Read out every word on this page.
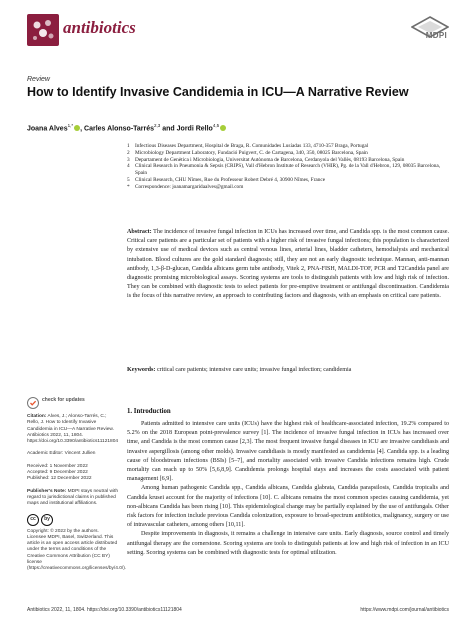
antibiotics	MDPI
Review
How to Identify Invasive Candidemia in ICU—A Narrative Review
Joana Alves$^{1,*}$ , Carles Alonso-Tarrés$^{2,3}$ and Jordi Rello$^{4,5}$
1	Infectious Diseases Department, Hospital de Braga, R. Comunidades Lusíadas 133, 4710-357 Braga, Portugal
2	Microbiology Department Laboratory, Fundació Puigvert, C. de Cartagena, 340, 350, 08025 Barcelona, Spain
3	Departament de Genètica i Microbiologia, Universitat Autònoma de Barcelona, Cerdanyola del Vallès, 08193 Barcelona, Spain
4	Clinical Research in Pneumonia & Sepsis (CRIPS), Vall d'Hebron Institute of Research (VHIR), Pg. de la Vall d'Hebron, 129, 08035 Barcelona, Spain
5	Clinical Research, CHU Nîmes, Rue du Professeur Robert Debré 4, 30900 Nîmes, France
*	Correspondence: joanamargaridaalves@gmail.com
Abstract: The incidence of invasive fungal infection in ICUs has increased over time, and Candida spp. is the most common cause. Critical care patients are a particular set of patients with a higher risk of invasive fungal infections; this population is characterized by extensive use of medical devices such as central venous lines, arterial lines, bladder catheters, hemodialysis and mechanical intubation. Blood cultures are the gold standard diagnosis; still, they are not an early diagnostic technique. Mannan, anti-mannan antibody, 1,3-β-D-glucan, Candida albicans germ tube antibody, Vitek 2, PNA-FISH, MALDI-TOF, PCR and T2Candida panel are diagnostic promising microbiological assays. Scoring systems are tools to distinguish patients with low and high risk of infection. They can be combined with diagnostic tests to select patients for pre-emptive treatment or antifungal discontinuation. Candidemia is the focus of this narrative review, an approach to contributing factors and diagnosis, with an emphasis on critical care patients.
Keywords: critical care patients; intensive care units; invasive fungal infection; candidemia
check for updates
Citation: Alves, J.; Alonso-Tarrés, C.; Rello, J. How to Identify Invasive Candidemia in ICU—A Narrative Review. Antibiotics 2022, 11, 1804. https://doi.org/10.3390/antibiotics11121804
Academic Editor: Vincent Jullien
Received: 1 November 2022
Accepted: 9 December 2022
Published: 12 December 2022
Publisher's Note: MDPI stays neutral with regard to jurisdictional claims in published maps and institutional affiliations.
cc	by
Copyright: © 2022 by the authors. Licensee MDPI, Basel, Switzerland. This article is an open access article distributed under the terms and conditions of the Creative Commons Attribution (CC BY) license (https://creativecommons.org/licenses/by/4.0/).
1. Introduction

Patients admitted to intensive care units (ICUs) have the highest risk of healthcare-associated infection, 19.2% compared to 5.2% on the 2018 European point-prevalence survey [1]. The incidence of invasive fungal infection in ICUs has increased over time, and Candida is the most common cause [2,3]. The most frequent invasive fungal diseases in ICU are invasive candidiasis and invasive aspergillosis (among other molds). Invasive candidiasis is mostly manifested as candidemia [4]. Candida spp. is a leading cause of bloodstream infections (BSIs) [5–7], and mortality associated with invasive Candida infections remains high. Crude mortality can reach up to 50% [5,6,8,9]. Candidemia prolongs hospital stays and increases the costs associated with patient management [6,9].

Among human pathogenic Candida spp., Candida albicans, Candida glabrata, Candida parapsilosis, Candida tropicalis and Candida krusei account for the majority of infections [10]. C. albicans remains the most common species causing candidemia, yet non-albicans Candida has been rising [10]. This epidemiological change may be partially explained by the use of antifungals. Other risk factors for infection include previous Candida colonization, exposure to broad-spectrum antibiotics, malignancy, surgery or use of intravascular catheters, among others [10,11].

Despite improvements in diagnosis, it remains a challenge in intensive care units. Early diagnosis, source control and timely antifungal therapy are the cornerstone. Scoring systems are tools to distinguish patients at low and high risk of infection in an ICU setting. Scoring systems can be combined with diagnostic tests for optimal utilization.

Antibiotics 2022, 11, 1804. https://doi.org/10.3390/antibiotics11121804	https://www.mdpi.com/journal/antibiotics
